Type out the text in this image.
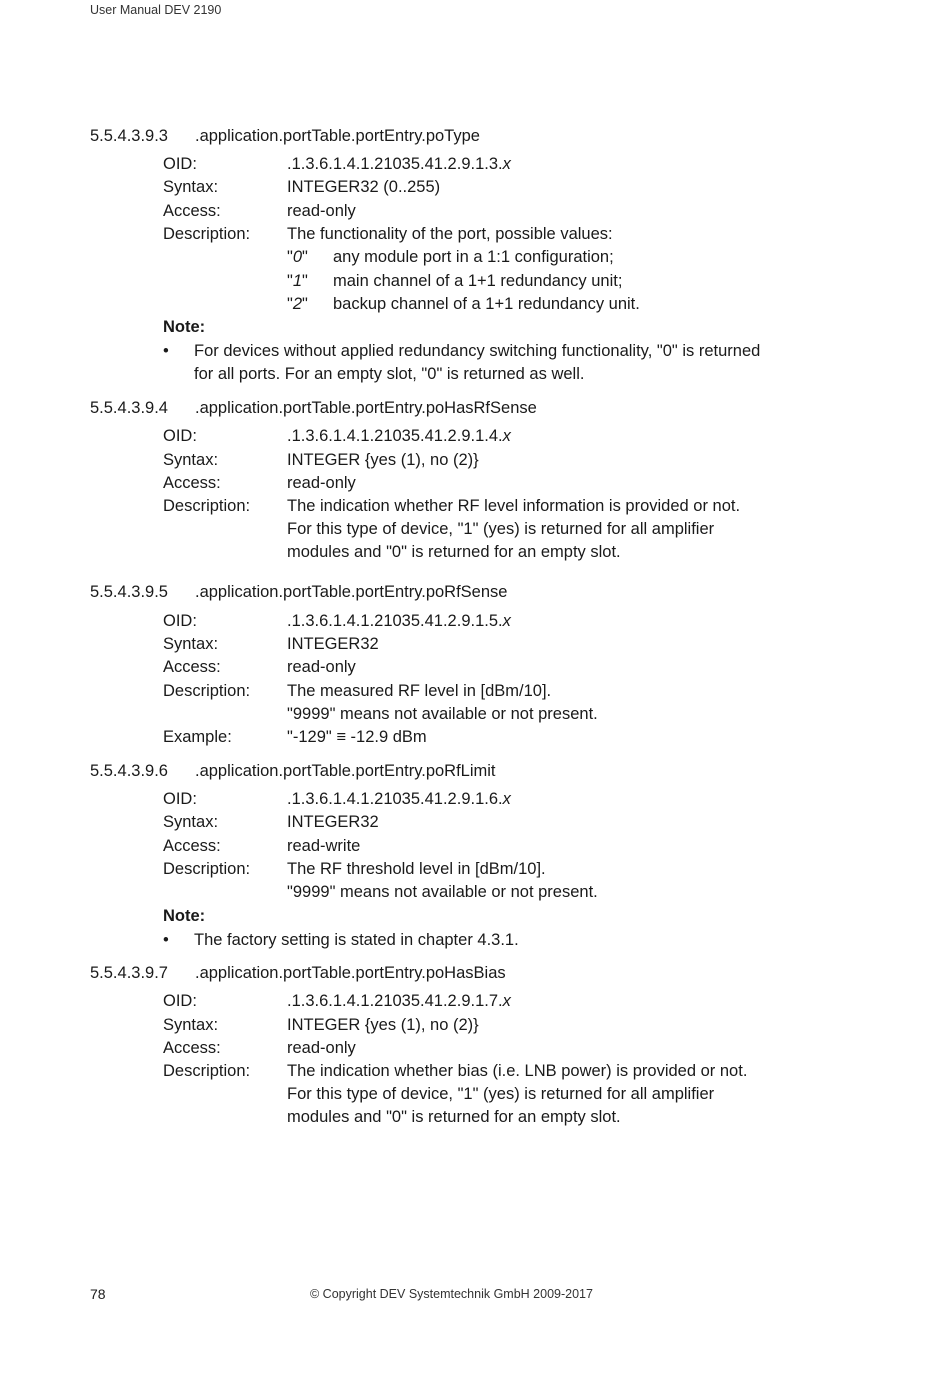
User Manual DEV 2190
5.5.4.3.9.3 .application.portTable.portEntry.poType
OID:	.1.3.6.1.4.1.21035.41.2.9.1.3.x
Syntax:	INTEGER32 (0..255)
Access:	read-only
Description: The functionality of the port, possible values:
"0" any module port in a 1:1 configuration;
"1" main channel of a 1+1 redundancy unit;
"2" backup channel of a 1+1 redundancy unit.
Note:
• For devices without applied redundancy switching functionality, "0" is returned
for all ports. For an empty slot, "0" is returned as well.
5.5.4.3.9.4 .application.portTable.portEntry.poHasRfSense
OID:	.1.3.6.1.4.1.21035.41.2.9.1.4.x
Syntax:	INTEGER {yes (1), no (2)}
Access:	read-only
Description: The indication whether RF level information is provided or not.
For this type of device, "1" (yes) is returned for all amplifier
modules and "0" is returned for an empty slot.
5.5.4.3.9.5 .application.portTable.portEntry.poRfSense
OID:	.1.3.6.1.4.1.21035.41.2.9.1.5.x
Syntax:	INTEGER32
Access:	read-only
Description: The measured RF level in [dBm/10].
"9999" means not available or not present.
Example:	"-129" ≡ -12.9 dBm
5.5.4.3.9.6 .application.portTable.portEntry.poRfLimit
OID:	.1.3.6.1.4.1.21035.41.2.9.1.6.x
Syntax:	INTEGER32
Access:	read-write
Description: The RF threshold level in [dBm/10].
"9999" means not available or not present.
Note:
• The factory setting is stated in chapter 4.3.1.
5.5.4.3.9.7 .application.portTable.portEntry.poHasBias
OID:	.1.3.6.1.4.1.21035.41.2.9.1.7.x
Syntax:	INTEGER {yes (1), no (2)}
Access:	read-only
Description: The indication whether bias (i.e. LNB power) is provided or not.
For this type of device, "1" (yes) is returned for all amplifier
modules and "0" is returned for an empty slot.
78	© Copyright DEV Systemtechnik GmbH 2009-2017
